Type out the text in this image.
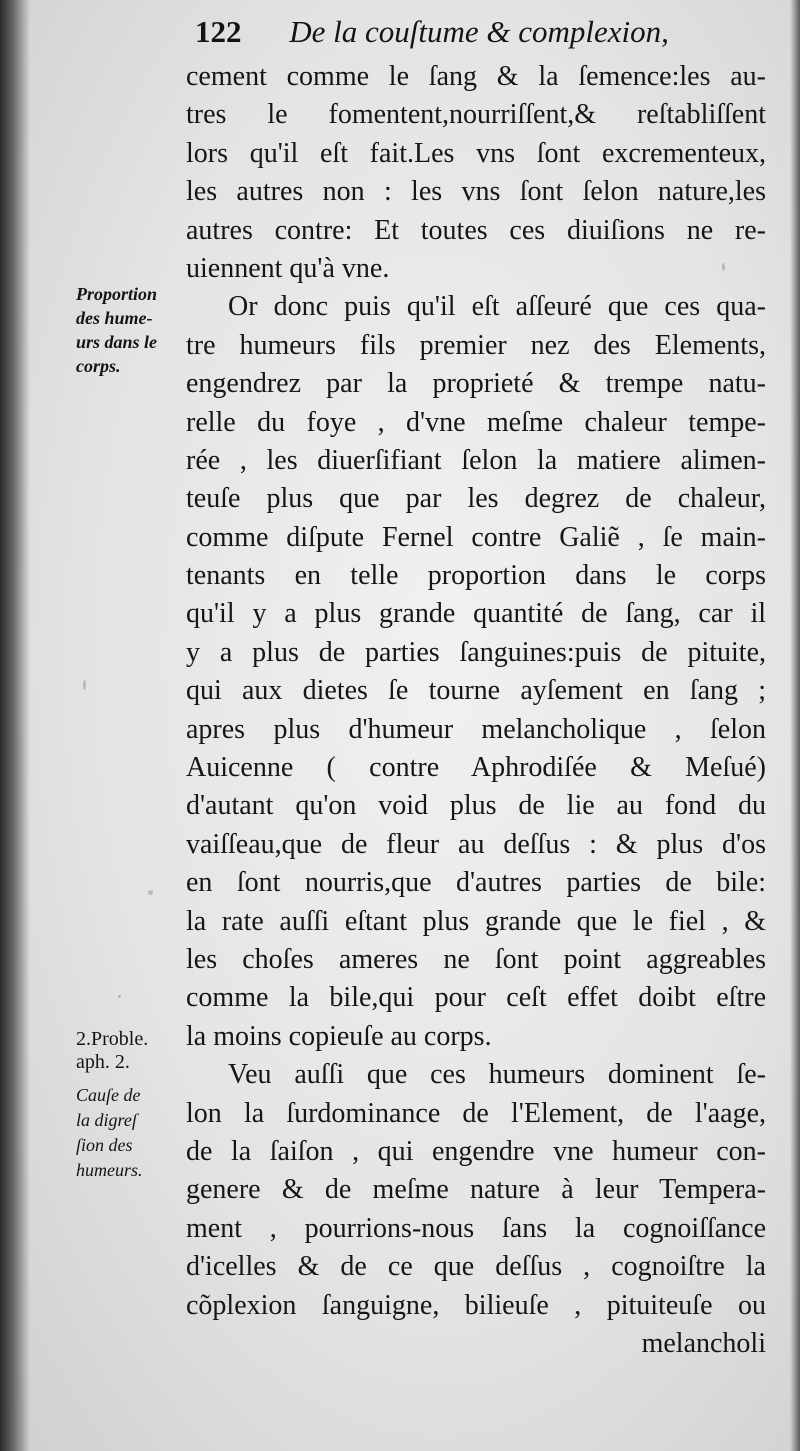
122 De la couſtume & complexion,
Proportion
des hume-
urs dans le
corps.
2.Proble.
aph. 2.
Cauſe de
la digreſ
ſion des
humeurs.
cement comme le ſang & la ſemence:les au-
tres le fomentent,nourriſſent,& reſtabliſſent
lors qu'il eſt fait.Les vns ſont excrementeux,
les autres non : les vns ſont ſelon nature,les
autres contre: Et toutes ces diuiſions ne re-
uiennent qu'à vne.
Or donc puis qu'il eſt aſſeuré que ces qua-
tre humeurs fils premier nez des Elements,
engendrez par la proprieté & trempe natu-
relle du foye , d'vne meſme chaleur tempe-
rée , les diuerſifiant ſelon la matiere alimen-
teuſe plus que par les degrez de chaleur,
comme diſpute Fernel contre Galiẽ , ſe main-
tenants en telle proportion dans le corps
qu'il y a plus grande quantité de ſang, car il
y a plus de parties ſanguines:puis de pituite,
qui aux dietes ſe tourne ayſement en ſang ;
apres plus d'humeur melancholique , ſelon
Auicenne ( contre Aphrodiſée & Meſué)
d'autant qu'on void plus de lie au fond du
vaiſſeau,que de fleur au deſſus : & plus d'os
en ſont nourris,que d'autres parties de bile:
la rate auſſi eſtant plus grande que le fiel , &
les choſes ameres ne ſont point aggreables
comme la bile,qui pour ceſt effet doibt eſtre
la moins copieuſe au corps.
Veu auſſi que ces humeurs dominent ſe-
lon la ſurdominance de l'Element, de l'aage,
de la ſaiſon , qui engendre vne humeur con-
genere & de meſme nature à leur Tempera-
ment , pourrions-nous ſans la cognoiſſance
d'icelles & de ce que deſſus , cognoiſtre la
cõplexion ſanguigne, bilieuſe , pituiteuſe ou
melancholi
